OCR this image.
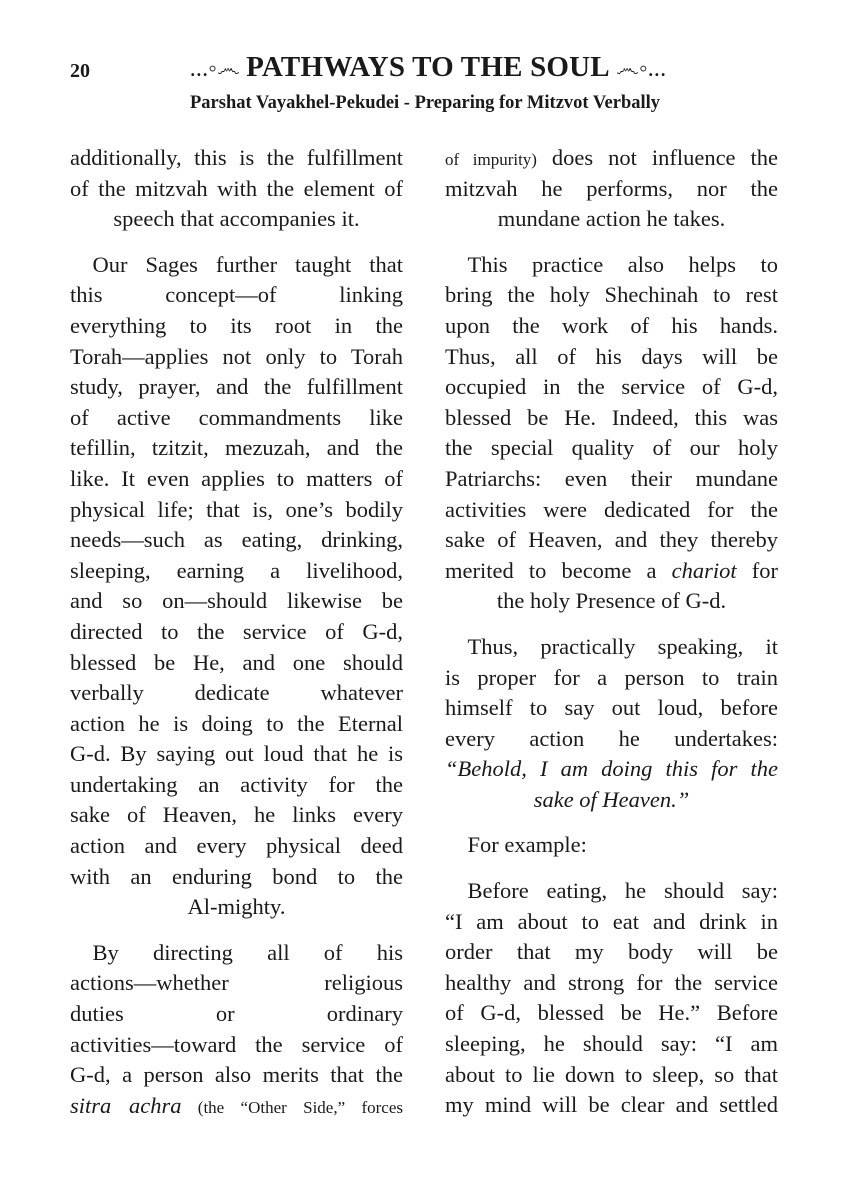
20	...◦෴ PATHWAYS TO THE SOUL ෴◦...
Parshat Vayakhel-Pekudei - Preparing for Mitzvot Verbally
additionally, this is the fulfillment
of the mitzvah with the element of
speech that accompanies it.
 Our Sages further taught that
this concept—of linking
everything to its root in the
Torah—applies not only to Torah
study, prayer, and the fulfillment
of active commandments like
tefillin, tzitzit, mezuzah, and the
like. It even applies to matters of
physical life; that is, one’s bodily
needs—such as eating, drinking,
sleeping, earning a livelihood,
and so on—should likewise be
directed to the service of G-d,
blessed be He, and one should
verbally dedicate whatever
action he is doing to the Eternal
G-d. By saying out loud that he is
undertaking an activity for the
sake of Heaven, he links every
action and every physical deed
with an enduring bond to the
Al-mighty.
 By directing all of his
actions—whether religious
duties or ordinary
activities—toward the service of
G-d, a person also merits that the
sitra achra (the “Other Side,” forces
of impurity) does not influence the
mitzvah he performs, nor the
mundane action he takes.
 This practice also helps to
bring the holy Shechinah to rest
upon the work of his hands.
Thus, all of his days will be
occupied in the service of G-d,
blessed be He. Indeed, this was
the special quality of our holy
Patriarchs: even their mundane
activities were dedicated for the
sake of Heaven, and they thereby
merited to become a chariot for
the holy Presence of G-d.
 Thus, practically speaking, it
is proper for a person to train
himself to say out loud, before
every action he undertakes:
“Behold, I am doing this for the
sake of Heaven.”
 For example:
 Before eating, he should say:
“I am about to eat and drink in
order that my body will be
healthy and strong for the service
of G-d, blessed be He.” Before
sleeping, he should say: “I am
about to lie down to sleep, so that
my mind will be clear and settled
